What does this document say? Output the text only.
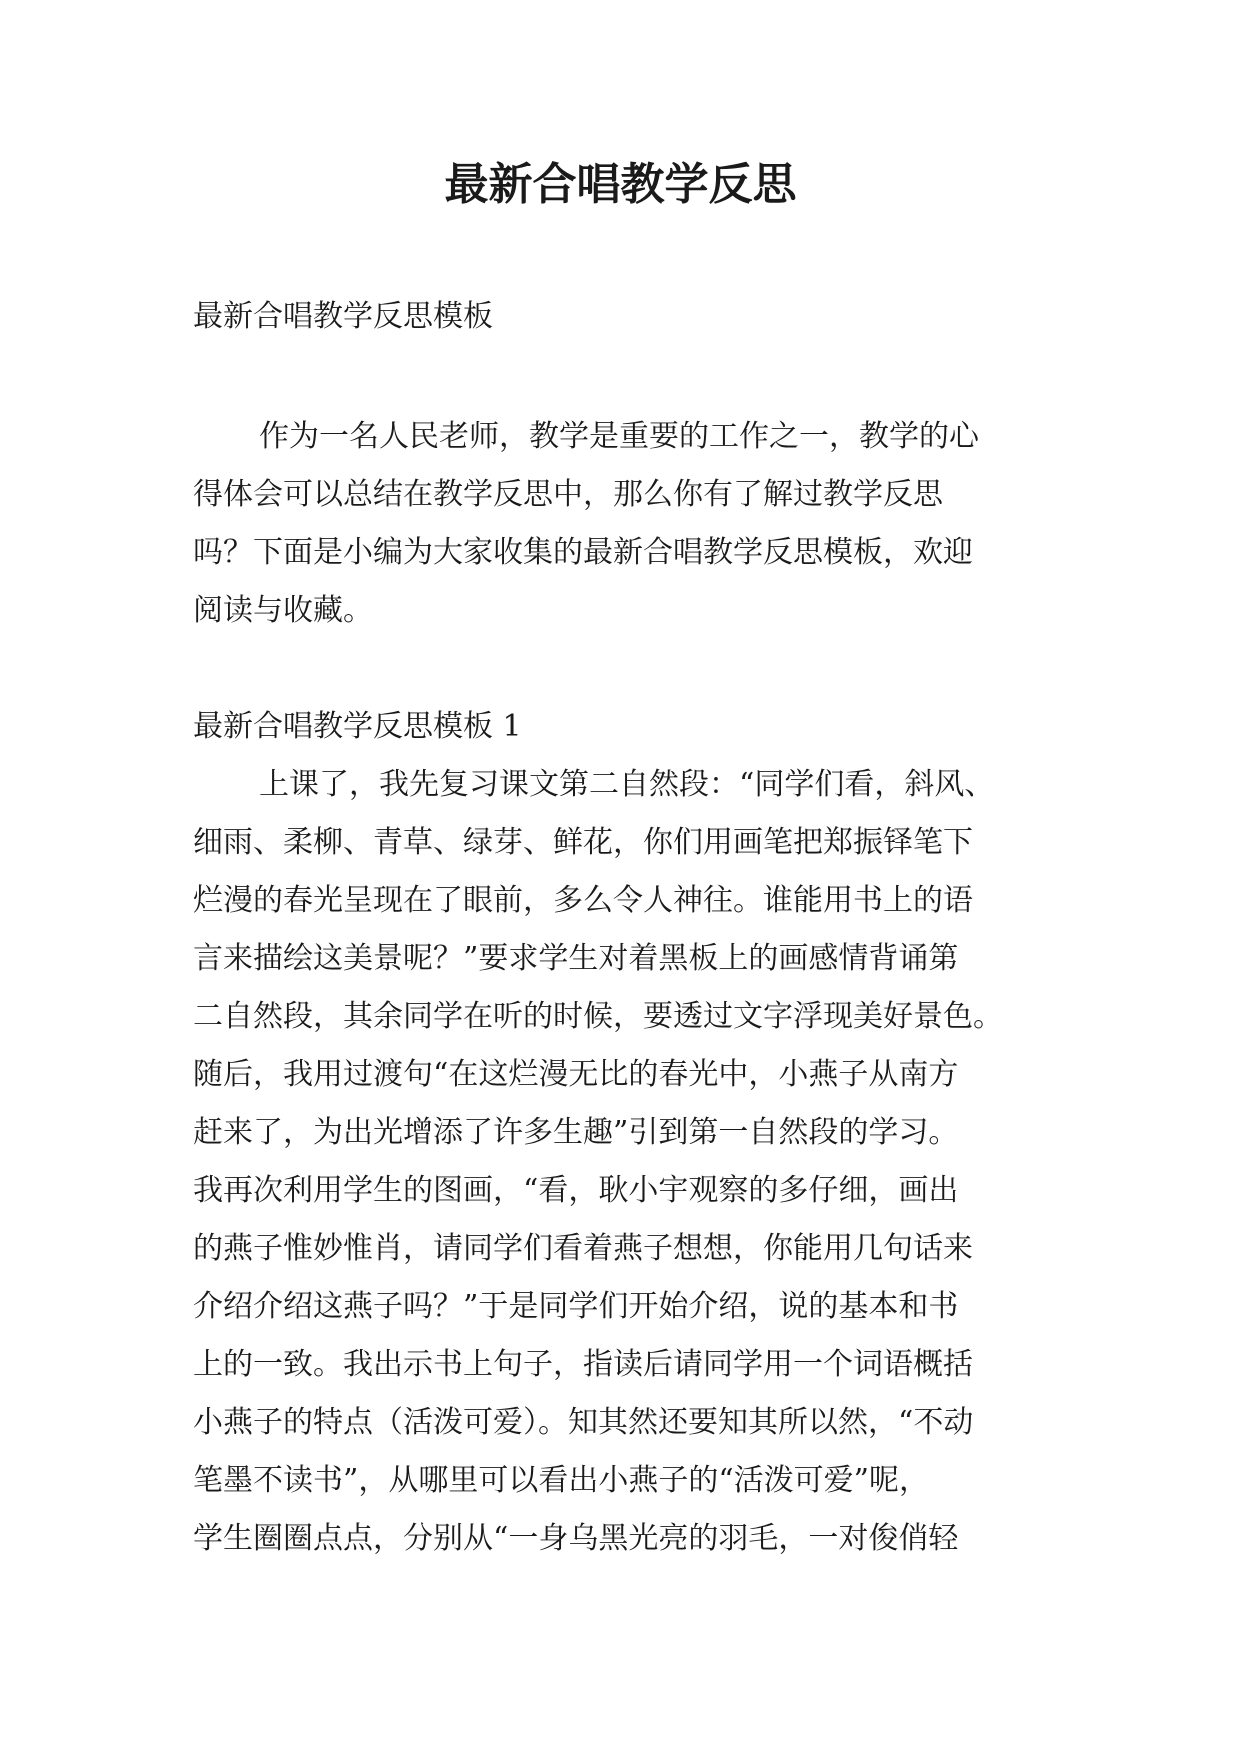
最新合唱教学反思

最新合唱教学反思模板

作为一名人民老师，教学是重要的工作之一，教学的心
得体会可以总结在教学反思中，那么你有了解过教学反思
吗？下面是小编为大家收集的最新合唱教学反思模板，欢迎
阅读与收藏。

最新合唱教学反思模板 1

上课了，我先复习课文第二自然段：“同学们看，斜风、
细雨、柔柳、青草、绿芽、鲜花，你们用画笔把郑振铎笔下
烂漫的春光呈现在了眼前，多么令人神往。谁能用书上的语
言来描绘这美景呢？”要求学生对着黑板上的画感情背诵第
二自然段，其余同学在听的时候，要透过文字浮现美好景色。
随后，我用过渡句“在这烂漫无比的春光中，小燕子从南方
赶来了，为出光增添了许多生趣”引到第一自然段的学习。
我再次利用学生的图画，“看，耿小宇观察的多仔细，画出
的燕子惟妙惟肖，请同学们看着燕子想想，你能用几句话来
介绍介绍这燕子吗？”于是同学们开始介绍，说的基本和书
上的一致。我出示书上句子，指读后请同学用一个词语概括
小燕子的特点（活泼可爱）。知其然还要知其所以然，“不动
笔墨不读书”，从哪里可以看出小燕子的“活泼可爱”呢，
学生圈圈点点，分别从“一身乌黑光亮的羽毛，一对俊俏轻
